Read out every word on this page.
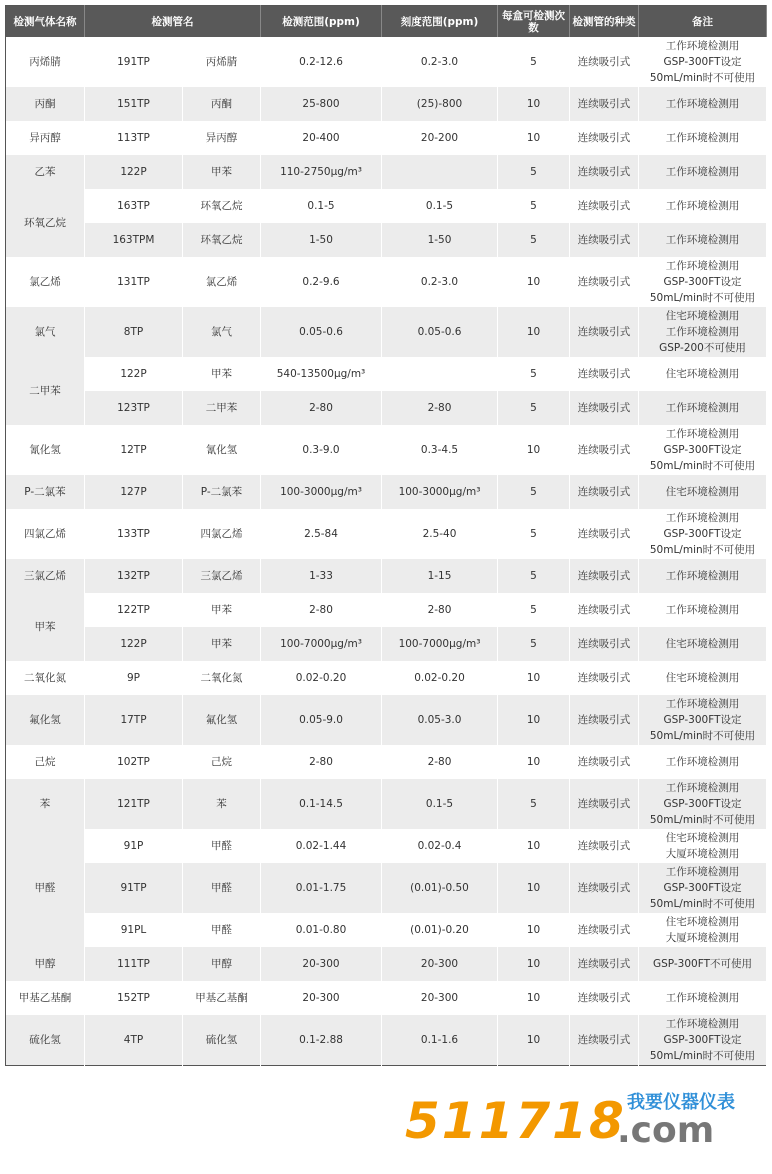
检测气体名称	检测管名		检测范围(ppm)	刻度范围(ppm)	每盒可检测次数	检测管的种类	备注
丙烯腈	191TP	丙烯腈	0.2-12.6	0.2-3.0	5	连续吸引式	工作环境检测用
GSP-300FT设定
50mL/min时不可使用

丙酮	151TP	丙酮	25-800	(25)-800	10	连续吸引式	工作环境检测用

异丙醇	113TP	异丙醇	20-400	20-200	10	连续吸引式	工作环境检测用

乙苯	122P	甲苯	110-2750μg/m³		5	连续吸引式	工作环境检测用

环氧乙烷	163TP	环氧乙烷	0.1-5	0.1-5	5	连续吸引式	工作环境检测用

	163TPM	环氧乙烷	1-50	1-50	5	连续吸引式	工作环境检测用

氯乙烯	131TP	氯乙烯	0.2-9.6	0.2-3.0	10	连续吸引式	工作环境检测用
GSP-300FT设定
50mL/min时不可使用

氯气	8TP	氯气	0.05-0.6	0.05-0.6	10	连续吸引式	住宅环境检测用
工作环境检测用
GSP-200不可使用

二甲苯	122P	甲苯	540-13500μg/m³		5	连续吸引式	住宅环境检测用

	123TP	二甲苯	2-80	2-80	5	连续吸引式	工作环境检测用

氰化氢	12TP	氰化氢	0.3-9.0	0.3-4.5	10	连续吸引式	工作环境检测用
GSP-300FT设定
50mL/min时不可使用

P-二氯苯	127P	P-二氯苯	100-3000μg/m³	100-3000μg/m³	5	连续吸引式	住宅环境检测用

四氯乙烯	133TP	四氯乙烯	2.5-84	2.5-40	5	连续吸引式	工作环境检测用
GSP-300FT设定
50mL/min时不可使用

三氯乙烯	132TP	三氯乙烯	1-33	1-15	5	连续吸引式	工作环境检测用

甲苯	122TP	甲苯	2-80	2-80	5	连续吸引式	工作环境检测用

	122P	甲苯	100-7000μg/m³	100-7000μg/m³	5	连续吸引式	住宅环境检测用

二氧化氮	9P	二氧化氮	0.02-0.20	0.02-0.20	10	连续吸引式	住宅环境检测用

氟化氢	17TP	氟化氢	0.05-9.0	0.05-3.0	10	连续吸引式	工作环境检测用
GSP-300FT设定
50mL/min时不可使用

己烷	102TP	己烷	2-80	2-80	10	连续吸引式	工作环境检测用

苯	121TP	苯	0.1-14.5	0.1-5	5	连续吸引式	工作环境检测用
GSP-300FT设定
50mL/min时不可使用

甲醛	91P	甲醛	0.02-1.44	0.02-0.4	10	连续吸引式	住宅环境检测用
大厦环境检测用

	91TP	甲醛	0.01-1.75	(0.01)-0.50	10	连续吸引式	工作环境检测用
GSP-300FT设定
50mL/min时不可使用

	91PL	甲醛	0.01-0.80	(0.01)-0.20	10	连续吸引式	住宅环境检测用
大厦环境检测用

甲醇	111TP	甲醇	20-300	20-300	10	连续吸引式	GSP-300FT不可使用

甲基乙基酮	152TP	甲基乙基酮	20-300	20-300	10	连续吸引式	工作环境检测用

硫化氢	4TP	硫化氢	0.1-2.88	0.1-1.6	10	连续吸引式	工作环境检测用
GSP-300FT设定
50mL/min时不可使用
511718 我要仪器仪表
.com
